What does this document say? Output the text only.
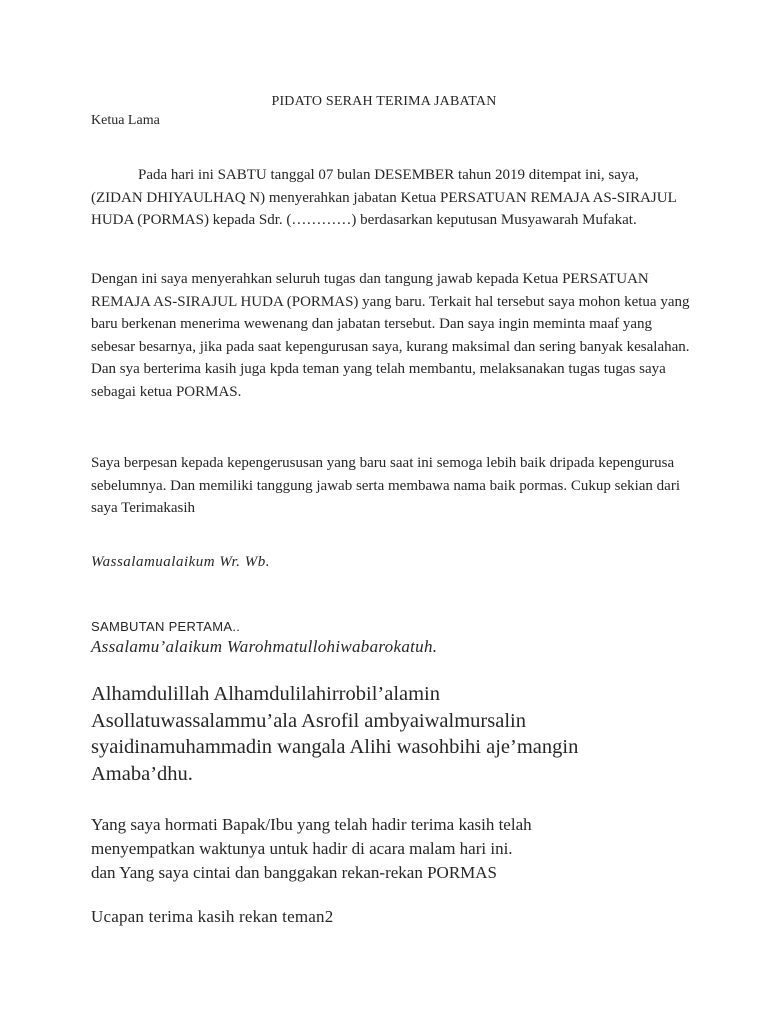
PIDATO SERAH TERIMA JABATAN
Ketua Lama

Pada hari ini SABTU tanggal 07 bulan DESEMBER tahun 2019 ditempat ini, saya, (ZIDAN DHIYAULHAQ N) menyerahkan jabatan Ketua PERSATUAN REMAJA AS-SIRAJUL HUDA (PORMAS) kepada Sdr. (…………) berdasarkan keputusan Musyawarah Mufakat.

Dengan ini saya menyerahkan seluruh tugas dan tangung jawab kepada Ketua PERSATUAN REMAJA AS-SIRAJUL HUDA (PORMAS) yang baru. Terkait hal tersebut saya mohon ketua yang baru berkenan menerima wewenang dan jabatan tersebut. Dan saya ingin meminta maaf yang sebesar besarnya, jika pada saat kepengurusan saya, kurang maksimal dan sering banyak kesalahan. Dan sya berterima kasih juga kpda teman yang telah membantu, melaksanakan tugas tugas saya sebagai ketua PORMAS.

Saya berpesan kepada kepengerususan yang baru saat ini semoga lebih baik dripada kepengurusa sebelumnya. Dan memiliki tanggung jawab serta membawa nama baik pormas. Cukup sekian dari saya Terimakasih

Wassalamualaikum Wr. Wb.
SAMBUTAN PERTAMA..
Assalamu’alaikum Warohmatullohiwabarokatuh.
Alhamdulillah Alhamdulilahirrobil’alamin
Asollatuwassalammu’ala Asrofil ambyaiwalmursalin
syaidinamuhammadin wangala Alihi wasohbihi aje’mangin
Amaba’dhu.
Yang saya hormati Bapak/Ibu yang telah hadir terima kasih telah
menyempatkan waktunya untuk hadir di acara malam hari ini.
dan Yang saya cintai dan banggakan rekan-rekan PORMAS
Ucapan terima kasih rekan teman2
